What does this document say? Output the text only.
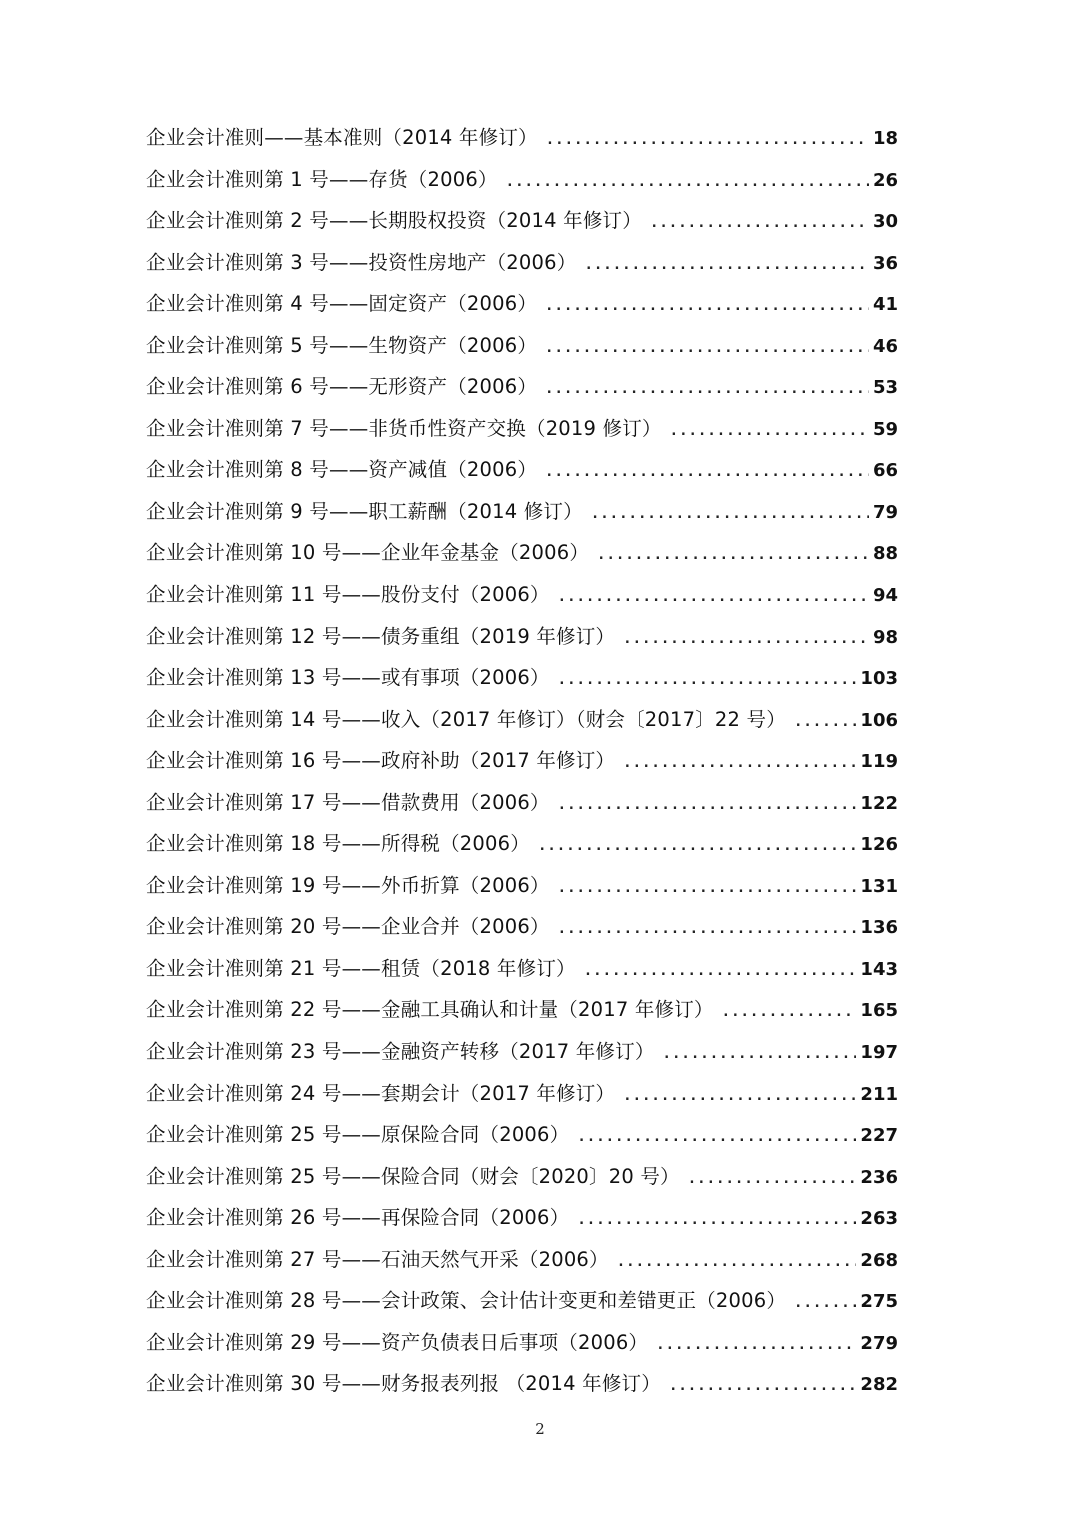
企业会计准则——基本准则（2014 年修订） .....	18
企业会计准则第 1 号——存货（2006） .....	26
企业会计准则第 2 号——长期股权投资（2014 年修订） .....	30
企业会计准则第 3 号——投资性房地产（2006） .....	36
企业会计准则第 4 号——固定资产（2006） .....	41
企业会计准则第 5 号——生物资产（2006） .....	46
企业会计准则第 6 号——无形资产（2006） .....	53
企业会计准则第 7 号——非货币性资产交换（2019 修订） .....	59
企业会计准则第 8 号——资产减值（2006） .....	66
企业会计准则第 9 号——职工薪酬（2014 修订） .....	79
企业会计准则第 10 号——企业年金基金（2006） .....	88
企业会计准则第 11 号——股份支付（2006） .....	94
企业会计准则第 12 号——债务重组（2019 年修订） .....	98
企业会计准则第 13 号——或有事项（2006） .....	103
企业会计准则第 14 号——收入（2017 年修订）（财会〔2017〕22 号） .....	106
企业会计准则第 16 号——政府补助（2017 年修订） .....	119
企业会计准则第 17 号——借款费用（2006） .....	122
企业会计准则第 18 号——所得税（2006） .....	126
企业会计准则第 19 号——外币折算（2006） .....	131
企业会计准则第 20 号——企业合并（2006） .....	136
企业会计准则第 21 号——租赁（2018 年修订） .....	143
企业会计准则第 22 号——金融工具确认和计量（2017 年修订） .....	165
企业会计准则第 23 号——金融资产转移（2017 年修订） .....	197
企业会计准则第 24 号——套期会计（2017 年修订） .....	211
企业会计准则第 25 号——原保险合同（2006） .....	227
企业会计准则第 25 号——保险合同（财会〔2020〕20 号） .....	236
企业会计准则第 26 号——再保险合同（2006） .....	263
企业会计准则第 27 号——石油天然气开采（2006） .....	268
企业会计准则第 28 号——会计政策、会计估计变更和差错更正（2006） .....	275
企业会计准则第 29 号——资产负债表日后事项（2006） .....	279
企业会计准则第 30 号——财务报表列报 （2014 年修订） .....	282
2
